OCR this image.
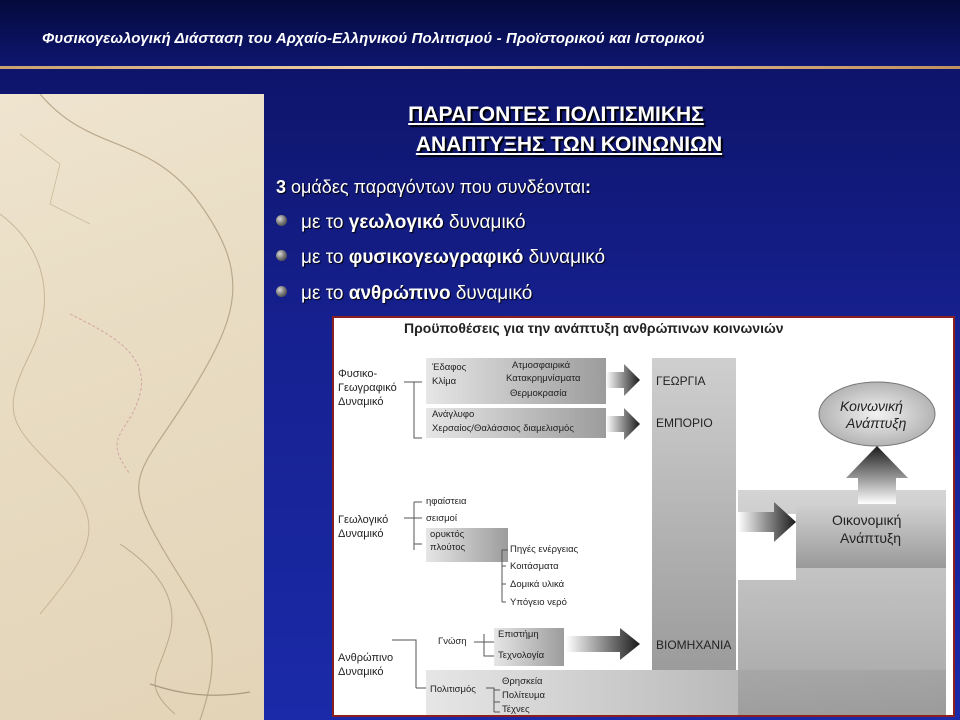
Φυσικογεωλογική Διάσταση του Αρχαίο-Ελληνικού Πολιτισμού - Προϊστορικού και Ιστορικού
ΠΑΡΑΓΟΝΤΕΣ ΠΟΛΙΤΙΣΜΙΚΗΣ
ΑΝΑΠΤΥΞΗΣ ΤΩΝ ΚΟΙΝΩΝΙΩΝ
3 ομάδες παραγόντων που συνδέονται:
με το γεωλογικό δυναμικό
με το φυσικογεωγραφικό δυναμικό
με το ανθρώπινο δυναμικό
Προϋποθέσεις για την ανάπτυξη ανθρώπινων κοινωνιών
Φυσικο-
Γεωγραφικό
Δυναμικό
Έδαφος
Κλίμα
Ατμοσφαιρικά
Κατακρημνίσματα
Θερμοκρασία
Ανάγλυφο
Χερσαίος/Θαλάσσιος διαμελισμός
ΓΕΩΡΓΙΑ
ΕΜΠΟΡΙΟ
ΒΙΟΜΗΧΑΝΙΑ
Κοινωνική
Ανάπτυξη
Οικονομική
Ανάπτυξη
Γεωλογικό
Δυναμικό
ηφαίστεια
σεισμοί
ορυκτός
πλούτος	Πηγές ενέργειας
Κοιτάσματα
Δομικά υλικά
Υπόγειο νερό
Ανθρώπινο
Δυναμικό
Γνώση
Επιστήμη
Τεχνολογία
Πολιτισμός
Θρησκεία
Πολίτευμα
Τέχνες
